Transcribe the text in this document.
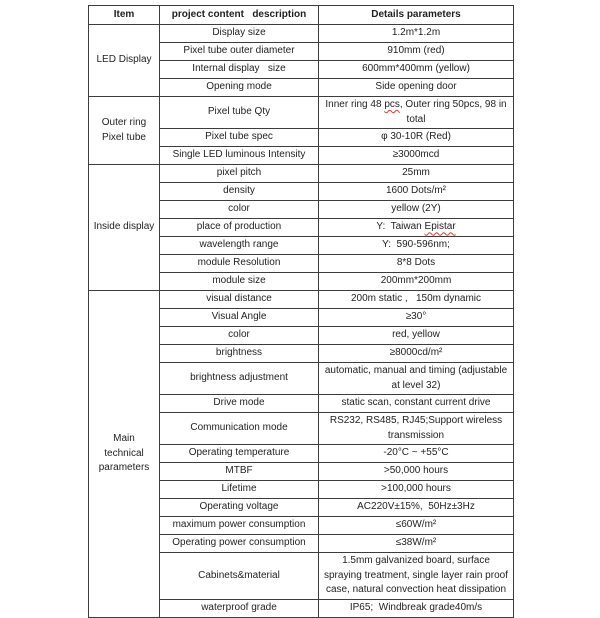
Item	project content   description	Details parameters
LED Display	Display size	1.2m*1.2m
	Pixel tube outer diameter	910mm (red)
	Internal display   size	600mm*400mm (yellow)
	Opening mode	Side opening door
Outer ring Pixel tube	Pixel tube Qty	Inner ring 48 pcs, Outer ring 50pcs, 98 in total
	Pixel tube spec	φ 30-10R (Red)
	Single LED luminous Intensity	≥3000mcd
Inside display	pixel pitch	25mm
	density	1600 Dots/m²
	color	yellow (2Y)
	place of production	Y:  Taiwan Epistar
	wavelength range	Y:  590-596nm;
	module Resolution	8*8 Dots
	module size	200mm*200mm
Main technical parameters	visual distance	200m static ,   150m dynamic
	Visual Angle	≥30°
	color	red, yellow
	brightness	≥8000cd/m²
	brightness adjustment	automatic, manual and timing (adjustable at level 32)
	Drive mode	static scan, constant current drive
	Communication mode	RS232, RS485, RJ45;Support wireless transmission
	Operating temperature	-20°C ~ +55°C
	MTBF	>50,000 hours
	Lifetime	>100,000 hours
	Operating voltage	AC220V±15%,  50Hz±3Hz
	maximum power consumption	≤60W/m²
	Operating power consumption	≤38W/m²
	Cabinets&material	1.5mm galvanized board, surface spraying treatment, single layer rain proof case, natural convection heat dissipation
	waterproof grade	IP65;  Windbreak grade40m/s
